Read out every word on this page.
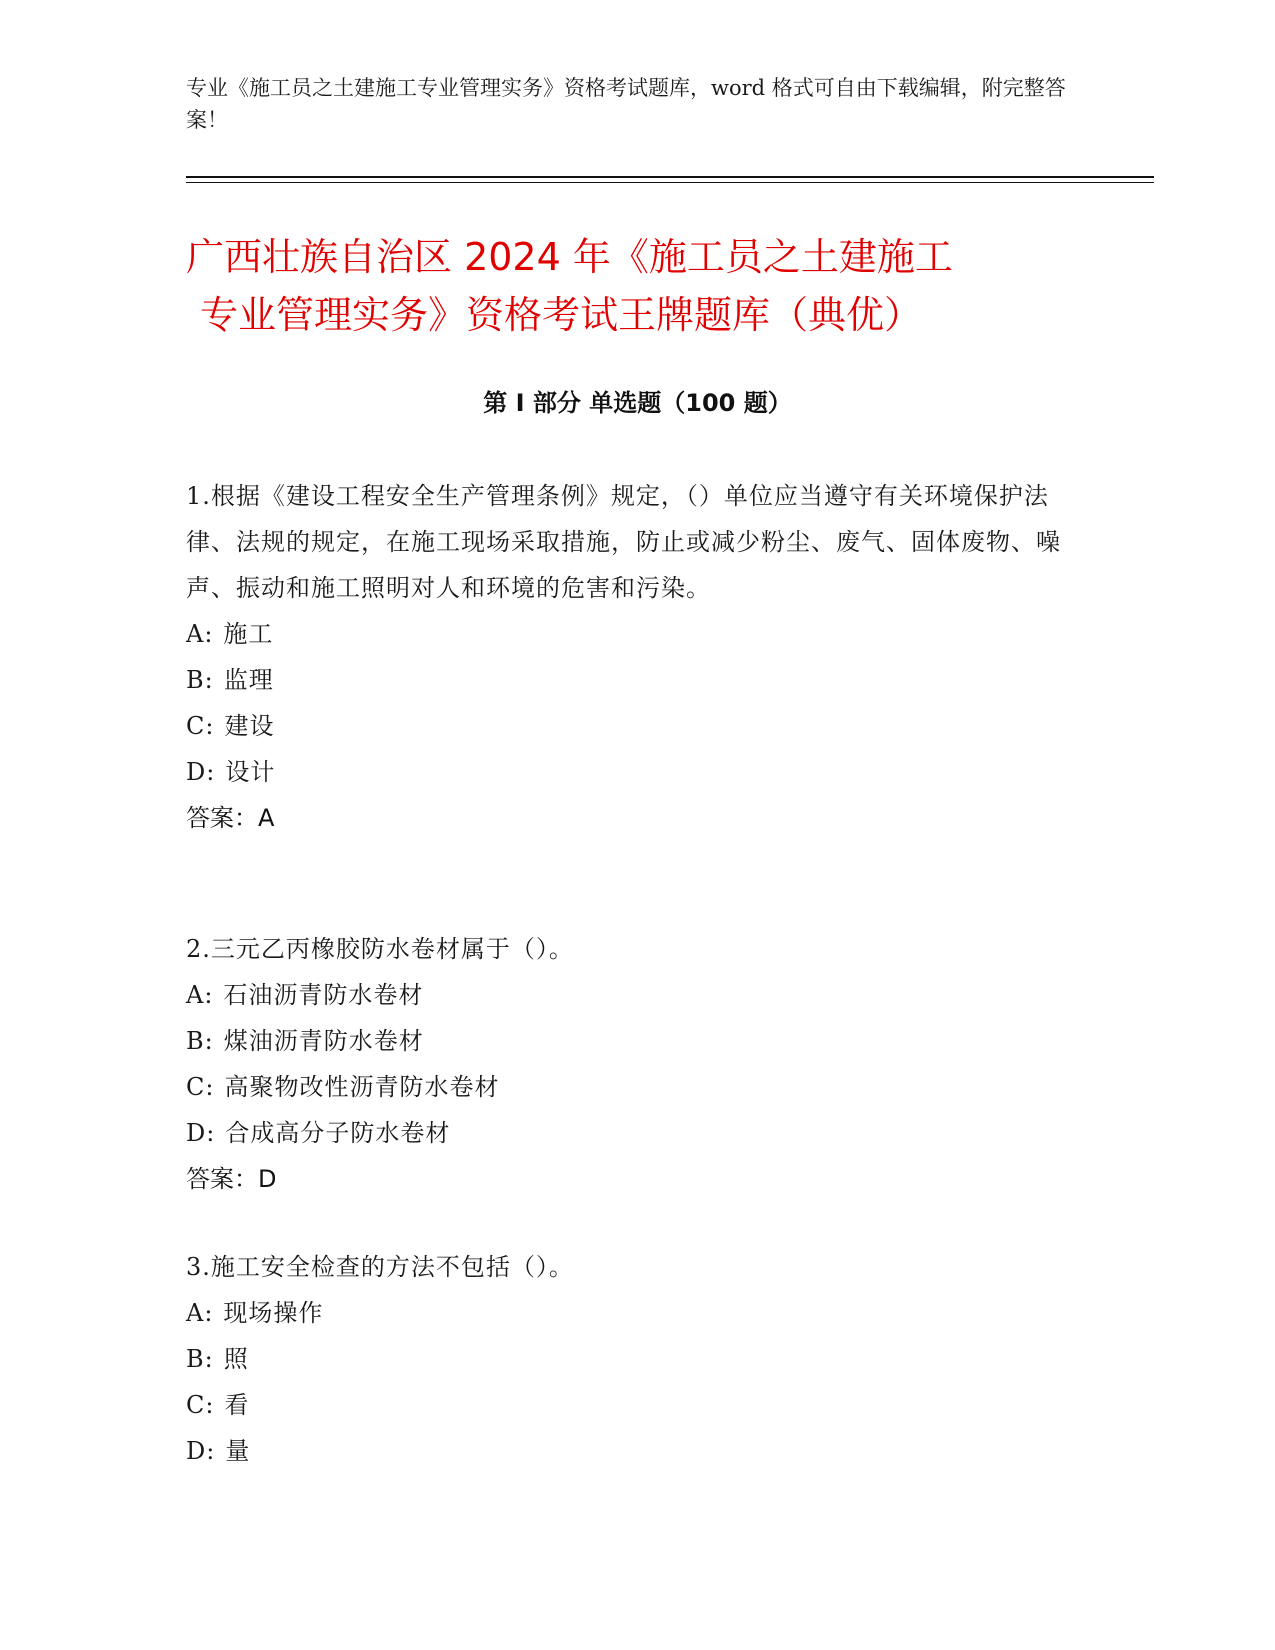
专业《施工员之土建施工专业管理实务》资格考试题库，word 格式可自由下载编辑，附完整答案！
广西壮族自治区 2024 年《施工员之土建施工
专业管理实务》资格考试王牌题库（典优）
第 I 部分 单选题（100 题）
1.根据《建设工程安全生产管理条例》规定，（）单位应当遵守有关环境保护法律、法规的规定，在施工现场采取措施，防止或减少粉尘、废气、固体废物、噪声、振动和施工照明对人和环境的危害和污染。
A: 施工
B: 监理
C: 建设
D: 设计
答案：A
2.三元乙丙橡胶防水卷材属于（）。
A: 石油沥青防水卷材
B: 煤油沥青防水卷材
C: 高聚物改性沥青防水卷材
D: 合成高分子防水卷材
答案：D
3.施工安全检查的方法不包括（）。
A: 现场操作
B: 照
C: 看
D: 量
